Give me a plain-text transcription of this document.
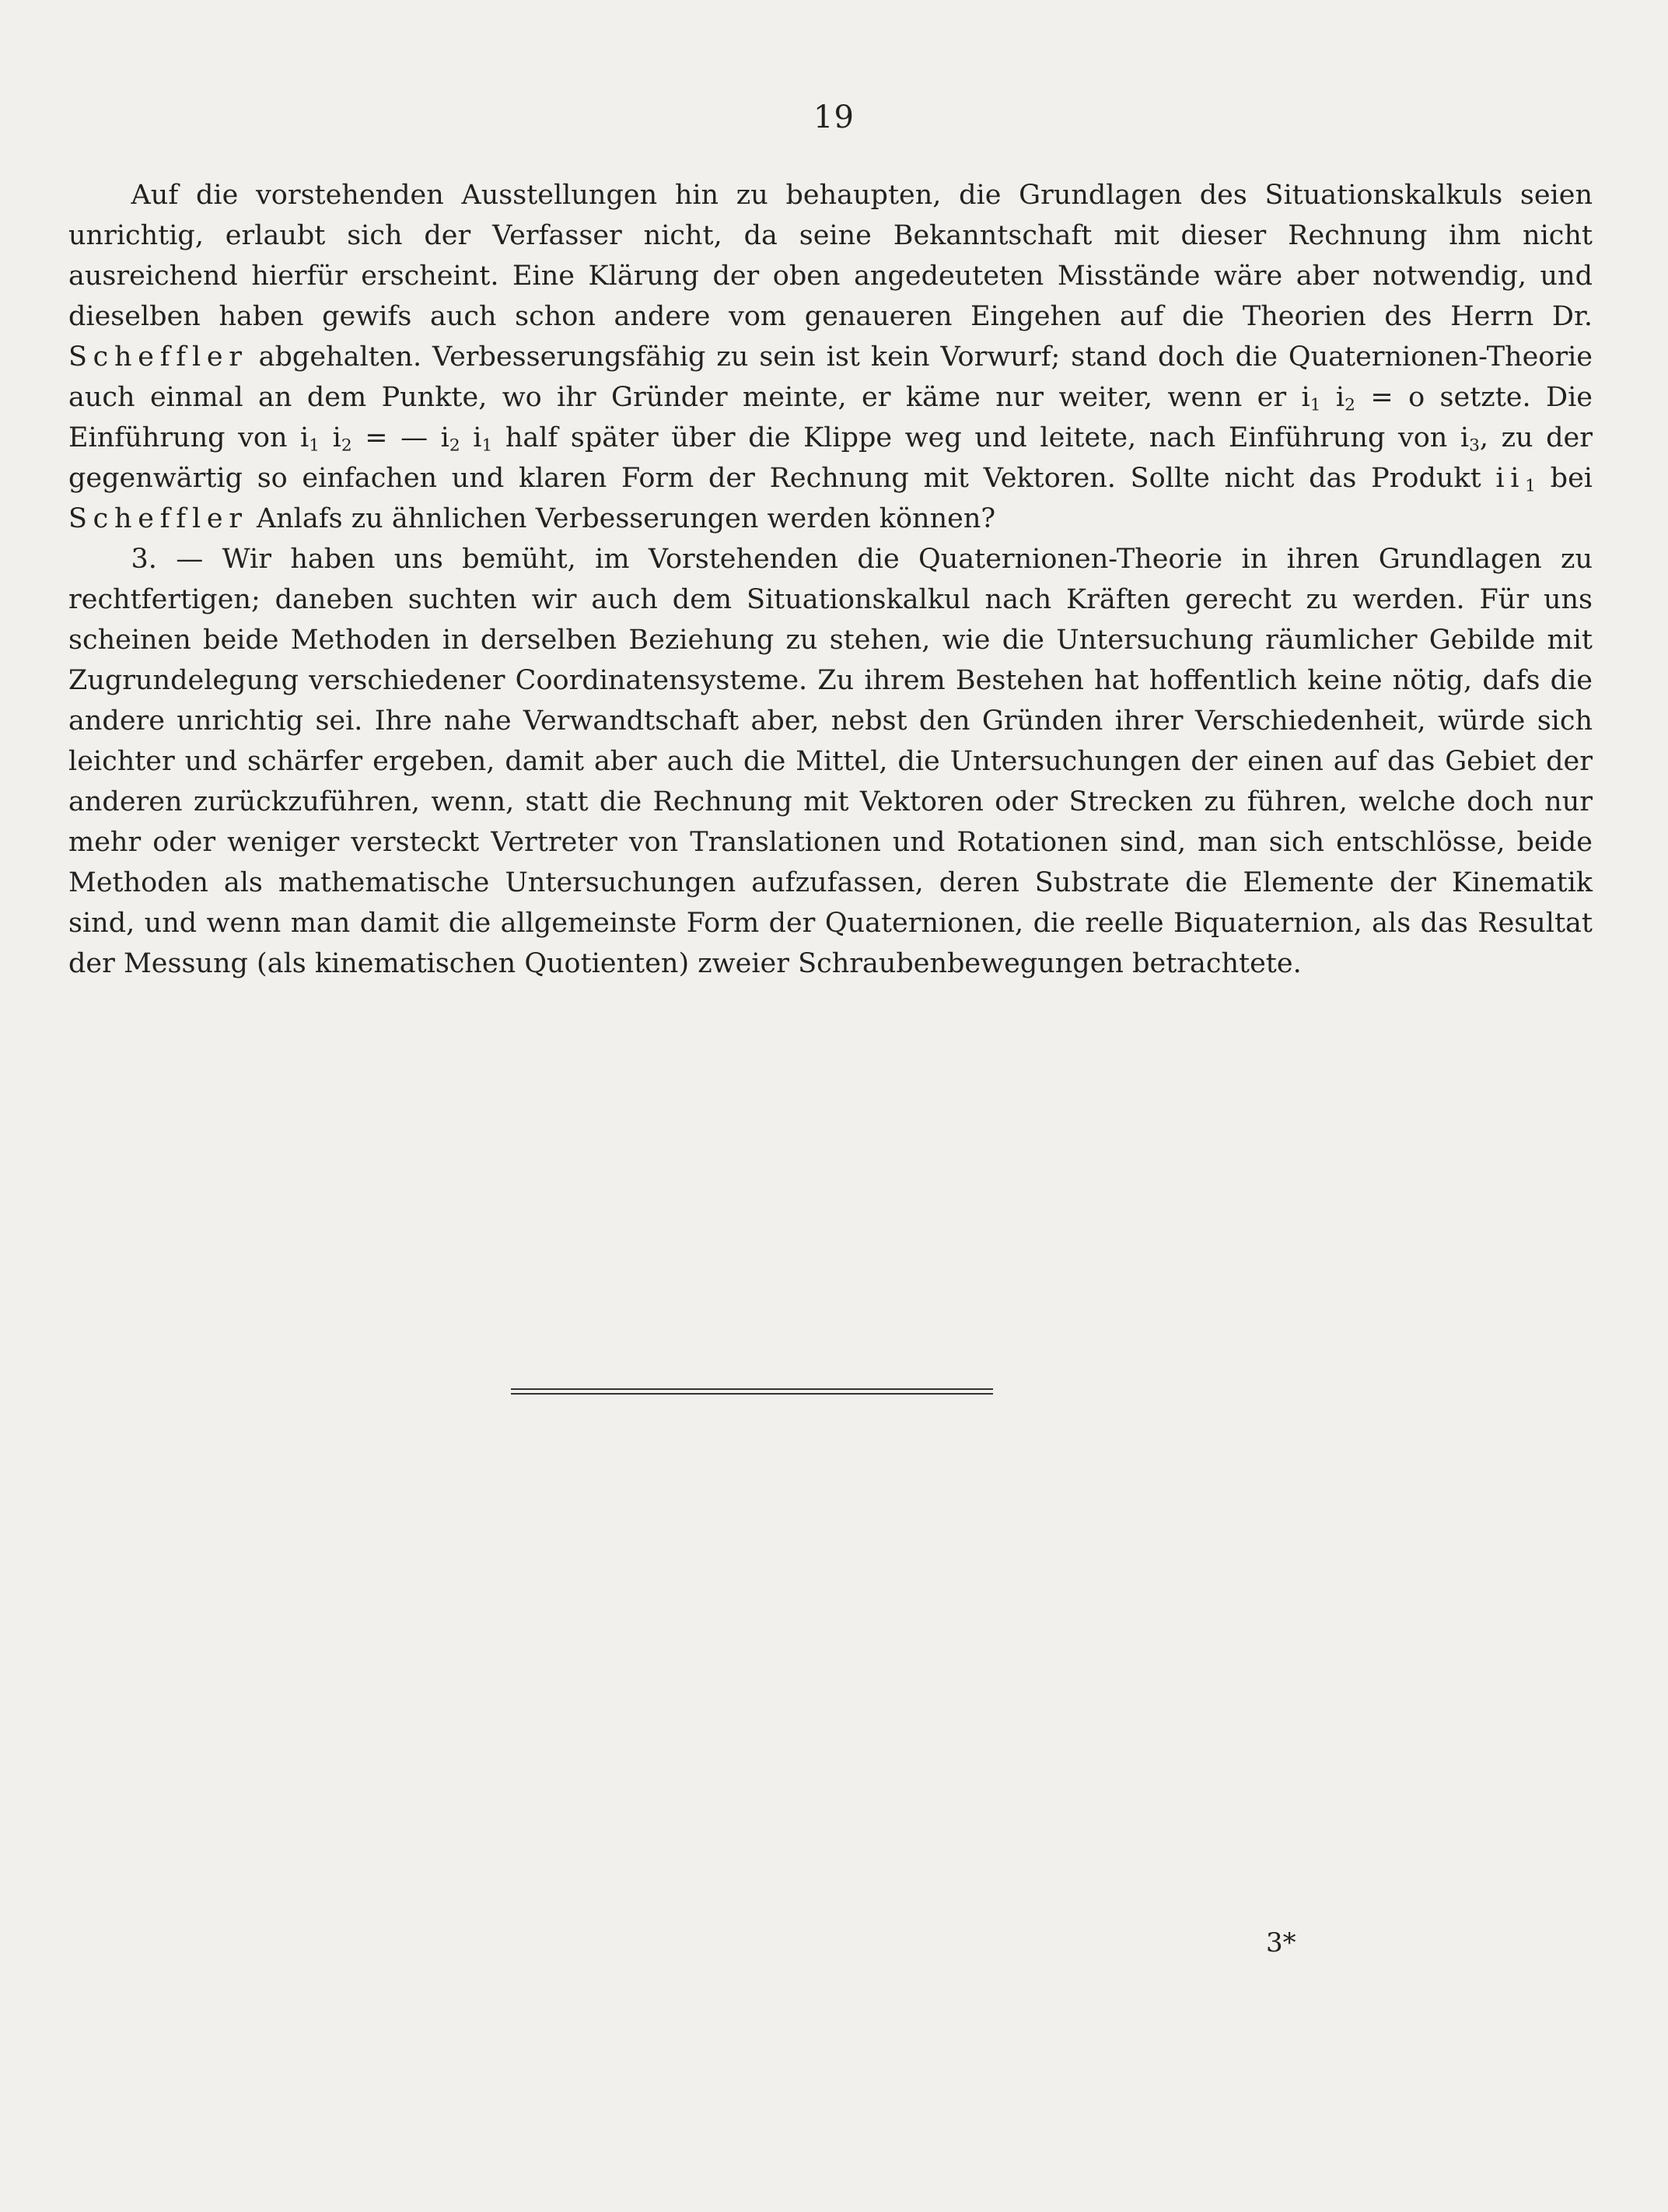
19

Auf die vorstehenden Ausstellungen hin zu behaupten, die Grundlagen des Situationskalkuls seien unrichtig, erlaubt sich der Verfasser nicht, da seine Bekanntschaft mit dieser Rechnung ihm nicht ausreichend hierfür erscheint. Eine Klärung der oben angedeuteten Misstände wäre aber notwendig, und dieselben haben gewifs auch schon andere vom genaueren Eingehen auf die Theorien des Herrn Dr. Scheffler abgehalten. Verbesserungsfähig zu sein ist kein Vorwurf; stand doch die Quaternionen-Theorie auch einmal an dem Punkte, wo ihr Gründer meinte, er käme nur weiter, wenn er $i_1$ $i_2 = o$ setzte. Die Einführung von $i_1$ $i_2$ = — $i_2$ $i_1$ half später über die Klippe weg und leitete, nach Einführung von $i_3$, zu der gegenwärtig so einfachen und klaren Form der Rechnung mit Vektoren. Sollte nicht das Produkt $ii_1$ bei Scheffler Anlafs zu ähnlichen Verbesserungen werden können?

3. — Wir haben uns bemüht, im Vorstehenden die Quaternionen-Theorie in ihren Grundlagen zu rechtfertigen; daneben suchten wir auch dem Situationskalkul nach Kräften gerecht zu werden. Für uns scheinen beide Methoden in derselben Beziehung zu stehen, wie die Untersuchung räumlicher Gebilde mit Zugrundelegung verschiedener Coordinatensysteme. Zu ihrem Bestehen hat hoffentlich keine nötig, dafs die andere unrichtig sei. Ihre nahe Verwandtschaft aber, nebst den Gründen ihrer Verschiedenheit, würde sich leichter und schärfer ergeben, damit aber auch die Mittel, die Untersuchungen der einen auf das Gebiet der anderen zurückzuführen, wenn, statt die Rechnung mit Vektoren oder Strecken zu führen, welche doch nur mehr oder weniger versteckt Vertreter von Translationen und Rotationen sind, man sich entschlösse, beide Methoden als mathematische Untersuchungen aufzufassen, deren Substrate die Elemente der Kinematik sind, und wenn man damit die allgemeinste Form der Quaternionen, die reelle Biquaternion, als das Resultat der Messung (als kinematischen Quotienten) zweier Schraubenbewegungen betrachtete.

3*
